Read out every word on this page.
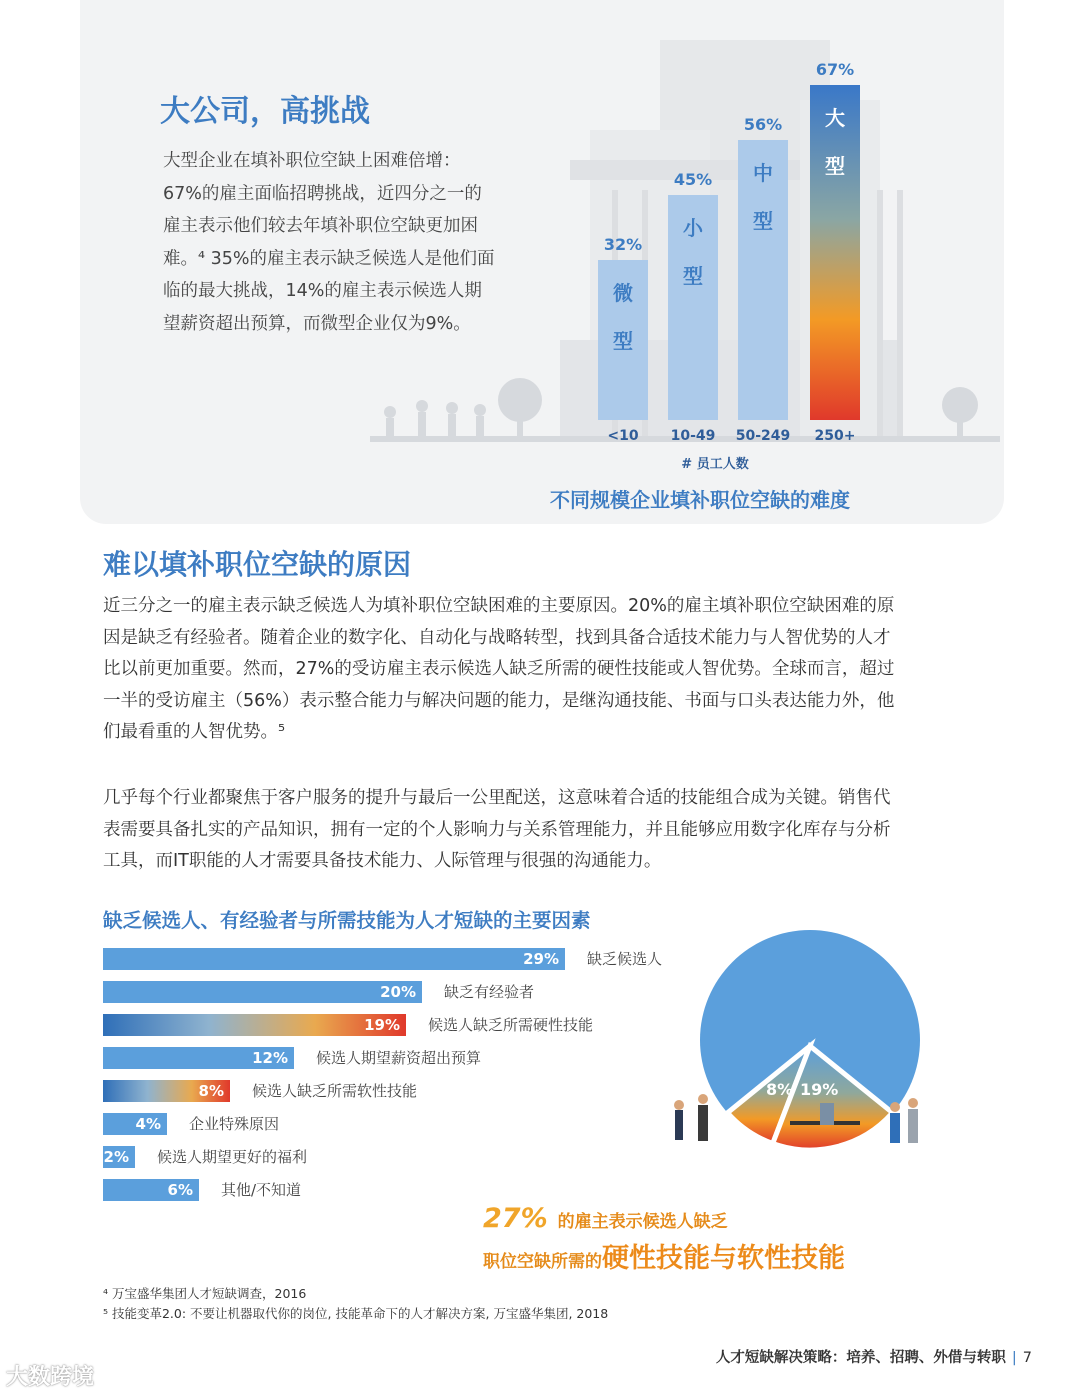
大公司，高挑战
大型企业在填补职位空缺上困难倍增：
67%的雇主面临招聘挑战，近四分之一的
雇主表示他们较去年填补职位空缺更加困
难。⁴ 35%的雇主表示缺乏候选人是他们面
临的最大挑战，14%的雇主表示候选人期
望薪资超出预算，而微型企业仅为9%。
32%
<10
微
型
45%
10-49
小
型
56%
50-249
中
型
67%
250+
大
型
# 员工人数
不同规模企业填补职位空缺的难度
难以填补职位空缺的原因
近三分之一的雇主表示缺乏候选人为填补职位空缺困难的主要原因。20%的雇主填补职位空缺困难的原
因是缺乏有经验者。随着企业的数字化、自动化与战略转型，找到具备合适技术能力与人智优势的人才
比以前更加重要。然而，27%的受访雇主表示候选人缺乏所需的硬性技能或人智优势。全球而言，超过
一半的受访雇主（56%）表示整合能力与解决问题的能力，是继沟通技能、书面与口头表达能力外，他
们最看重的人智优势。⁵
几乎每个行业都聚焦于客户服务的提升与最后一公里配送，这意味着合适的技能组合成为关键。销售代
表需要具备扎实的产品知识，拥有一定的个人影响力与关系管理能力，并且能够应用数字化库存与分析
工具，而IT职能的人才需要具备技术能力、人际管理与很强的沟通能力。
缺乏候选人、有经验者与所需技能为人才短缺的主要因素
29% 缺乏候选人
20% 缺乏有经验者
19% 候选人缺乏所需硬性技能
12% 候选人期望薪资超出预算
8% 候选人缺乏所需软性技能
4% 企业特殊原因
2% 候选人期望更好的福利
6% 其他/不知道
8% 19%
27% 的雇主表示候选人缺乏
职位空缺所需的 硬性技能与软性技能
⁴ 万宝盛华集团人才短缺调查，2016
⁵ 技能变革2.0: 不要让机器取代你的岗位, 技能革命下的人才解决方案, 万宝盛华集团, 2018
人才短缺解决策略：培养、招聘、外借与转职 | 7
大数跨境
